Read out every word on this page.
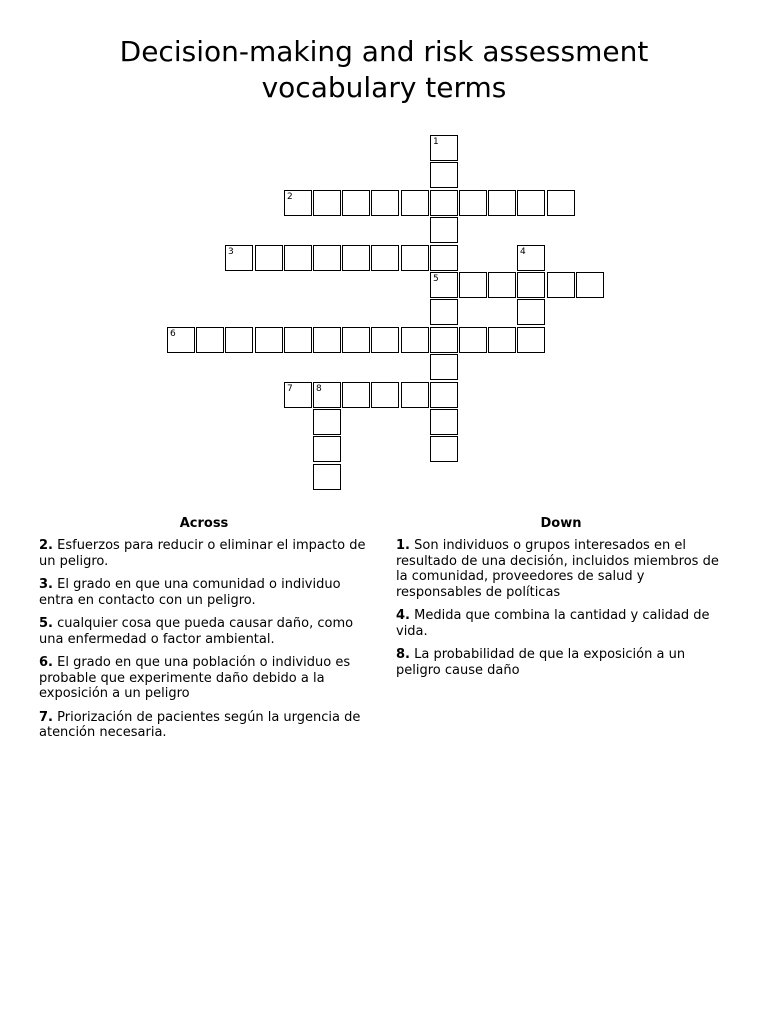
Decision-making and risk assessment
vocabulary terms
1
5
2
3	4
6
7	8
Across
2. Esfuerzos para reducir o eliminar el impacto de un peligro.
3. El grado en que una comunidad o individuo entra en contacto con un peligro.
5. cualquier cosa que pueda causar daño, como una enfermedad o factor ambiental.
6. El grado en que una población o individuo es probable que experimente daño debido a la exposición a un peligro
7. Priorización de pacientes según la urgencia de atención necesaria.
Down
1. Son individuos o grupos interesados en el resultado de una decisión, incluidos miembros de la comunidad, proveedores de salud y responsables de políticas
4. Medida que combina la cantidad y calidad de vida.
8. La probabilidad de que la exposición a un peligro cause daño
